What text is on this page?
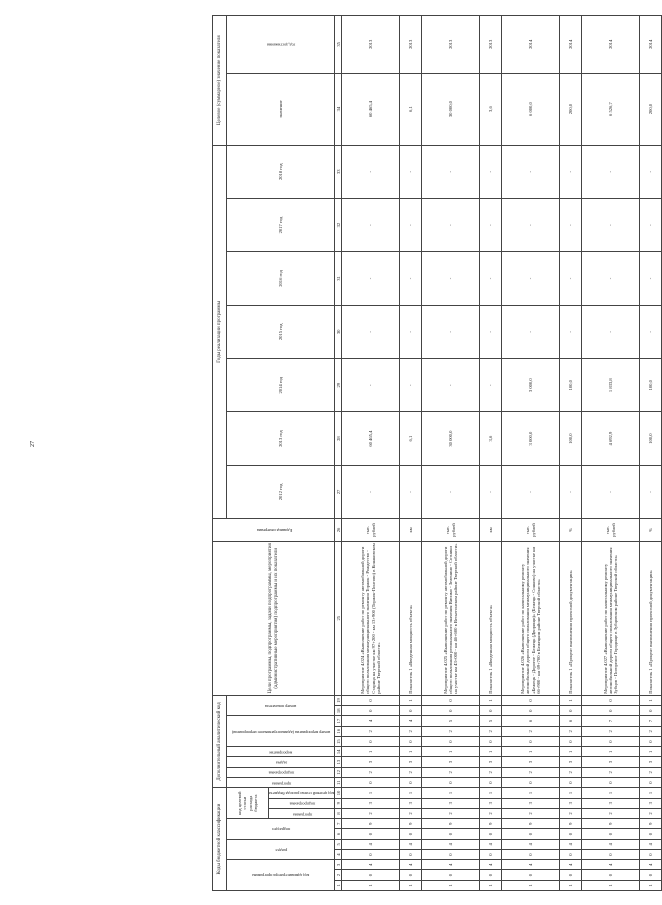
27
Коды бюджетной классификации										Дополнительный аналитический код									Цели программы, подпрограммы, задачи подпрограммы, мероприятия (административные мероприятия) подпрограммы и их показатели	Единица измерения	Годы реализации программы							Целевое (суммарное) значение показателя	
код администратора программы			раздел		подраздел		код целевой статьи расхода бюджета			программа	подпрограмма	задача	мероприятие	номер мероприятия (административного мероприятия)			номер показателя				2012 год	2013 год	2014 год	2015 год	2016 год	2017 год	2018 год	значение	год достижения
							программа	подпрограмма	код целевой статьи расхода бюджета																				
1	2	3	4	5	6	7	8	9	10	11	12	13	14	15	16	17	18	19	25	26	27	28	29	30	31	32	33	34	35
1	0	4	0	4	0	9	2	3	1	0	2	3	1	0	2	4	0	0	Мероприятие 4.024 «Выполнение работ по ремонту автомобильной дороги общего пользования межмуниципального значения Торжок - Рождество - Старица на участке км 97+200 - км 13+900 (Торжок-Понтово) в Конаковском районе Тверской области»	тыс. рублей	-	60 465,4	-	-	-	-	-	60 465,4	2013
1	0	4	0	4	0	9	2	3	1	0	2	3	1	0	2	4	0	1	Показатель 1 «Введенная мощность объекта»	км	-	6,1	-	-	-	-	-	6,1	2013
1	0	4	0	4	0	9	2	3	1	0	2	3	1	0	2	5	0	0	Мероприятие 4.025 «Выполнение работ по ремонту автомобильной дороги общего пользования регионального значения Висимо - Зеленино - Сотники на участке км 43+000 - км 46+600 в Весьегонском районе Тверской области»	тыс. рублей	-	30 000,0	-	-	-	-	-	30 000,0	2013
1	0	4	0	4	0	9	2	3	1	0	2	3	1	0	2	5	0	1	Показатель 1 «Введенная мощность объекта»	км	-	3,6	-	-	-	-	-	3,6	2013
1	0	4	0	4	0	9	2	3	1	0	2	3	1	0	2	6	0	0	Мероприятие 4.026 «Выполнение работ по капитальному ремонту автомобильной дороги общего пользования межмуниципального значения «Бежецк - Дорогое - Бежецк (Дворищи)» (Бежецк - Сонково) на участке км 66+900 - км 69+700 в Бежецком районе Тверской области»	тыс. рублей	-	3 000,0	3 000,0	-	-	-	-	6 000,0	2014
1	0	4	0	4	0	9	2	3	1	0	2	3	1	0	2	6	0	1	Показатель 1 «Процент выполнения проектной документации»	%	-	100,0	100,0	-	-	-	-	200,0	2014
1	0	4	0	4	0	9	2	3	1	0	2	3	1	0	2	7	0	0	Мероприятие 4.027 «Выполнение работ по капитальному ремонту автомобильной дороги общего пользования межмуниципального значения Зубцов - Погорелое Городище в Зубцовском районе Тверской области»	тыс. рублей	-	4 692,9	1 833,8	-	-	-	-	6 526,7	2014
1	0	4	0	4	0	9	2	3	1	0	2	3	1	0	2	7	0	1	Показатель 1 «Процент выполнения проектной документации»	%	-	100,0	100,0	-	-	-	-	200,0	2014
